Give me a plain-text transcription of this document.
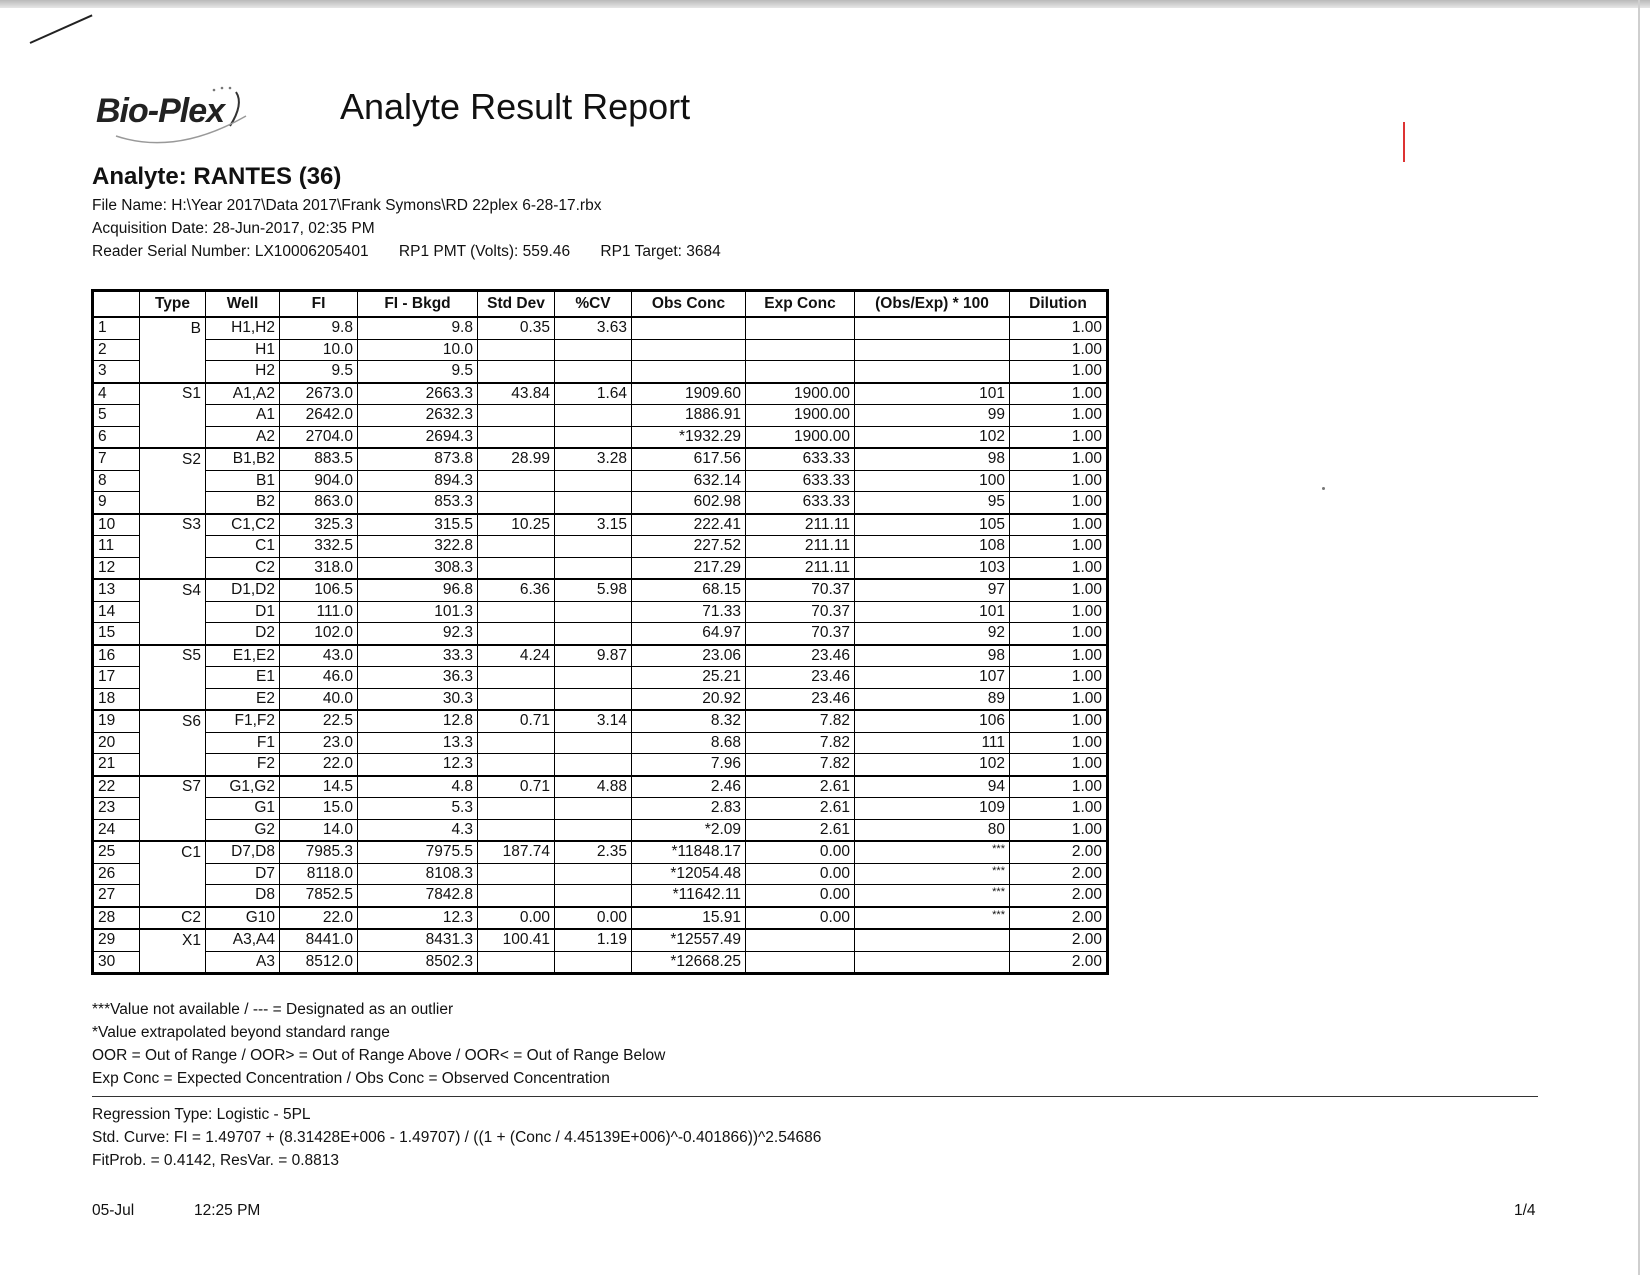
Bio-Plex	Analyte Result Report
Analyte: RANTES (36)
File Name: H:\Year 2017\Data 2017\Frank Symons\RD 22plex 6-28-17.rbx
Acquisition Date: 28-Jun-2017, 02:35 PM
Reader Serial Number: LX10006205401 RP1 PMT (Volts): 559.46 RP1 Target: 3684
	Type	Well	FI	FI - Bkgd	Std Dev	%CV	Obs Conc	Exp Conc	(Obs/Exp) * 100	Dilution
1	B	H1,H2	9.8	9.8	0.35	3.63				1.00
2		H1	10.0	10.0						1.00
3		H2	9.5	9.5						1.00
4	S1	A1,A2	2673.0	2663.3	43.84	1.64	1909.60	1900.00	101	1.00
5		A1	2642.0	2632.3			1886.91	1900.00	99	1.00
6		A2	2704.0	2694.3			*1932.29	1900.00	102	1.00
7	S2	B1,B2	883.5	873.8	28.99	3.28	617.56	633.33	98	1.00
8		B1	904.0	894.3			632.14	633.33	100	1.00
9		B2	863.0	853.3			602.98	633.33	95	1.00
10	S3	C1,C2	325.3	315.5	10.25	3.15	222.41	211.11	105	1.00
11		C1	332.5	322.8			227.52	211.11	108	1.00
12		C2	318.0	308.3			217.29	211.11	103	1.00
13	S4	D1,D2	106.5	96.8	6.36	5.98	68.15	70.37	97	1.00
14		D1	111.0	101.3			71.33	70.37	101	1.00
15		D2	102.0	92.3			64.97	70.37	92	1.00
16	S5	E1,E2	43.0	33.3	4.24	9.87	23.06	23.46	98	1.00
17		E1	46.0	36.3			25.21	23.46	107	1.00
18		E2	40.0	30.3			20.92	23.46	89	1.00
19	S6	F1,F2	22.5	12.8	0.71	3.14	8.32	7.82	106	1.00
20		F1	23.0	13.3			8.68	7.82	111	1.00
21		F2	22.0	12.3			7.96	7.82	102	1.00
22	S7	G1,G2	14.5	4.8	0.71	4.88	2.46	2.61	94	1.00
23		G1	15.0	5.3			2.83	2.61	109	1.00
24		G2	14.0	4.3			*2.09	2.61	80	1.00
25	C1	D7,D8	7985.3	7975.5	187.74	2.35	*11848.17	0.00	***	2.00
26		D7	8118.0	8108.3			*12054.48	0.00	***	2.00
27		D8	7852.5	7842.8			*11642.11	0.00	***	2.00
28	C2	G10	22.0	12.3	0.00	0.00	15.91	0.00	***	2.00
29	X1	A3,A4	8441.0	8431.3	100.41	1.19	*12557.49			2.00
30		A3	8512.0	8502.3			*12668.25			2.00
***Value not available / --- = Designated as an outlier
*Value extrapolated beyond standard range
OOR = Out of Range / OOR> = Out of Range Above / OOR< = Out of Range Below
Exp Conc = Expected Concentration / Obs Conc = Observed Concentration
Regression Type: Logistic - 5PL
Std. Curve: FI = 1.49707 + (8.31428E+006 - 1.49707) / ((1 + (Conc / 4.45139E+006)^-0.401866))^2.54686
FitProb. = 0.4142, ResVar. = 0.8813
05-Jul	12:25 PM	1/4
